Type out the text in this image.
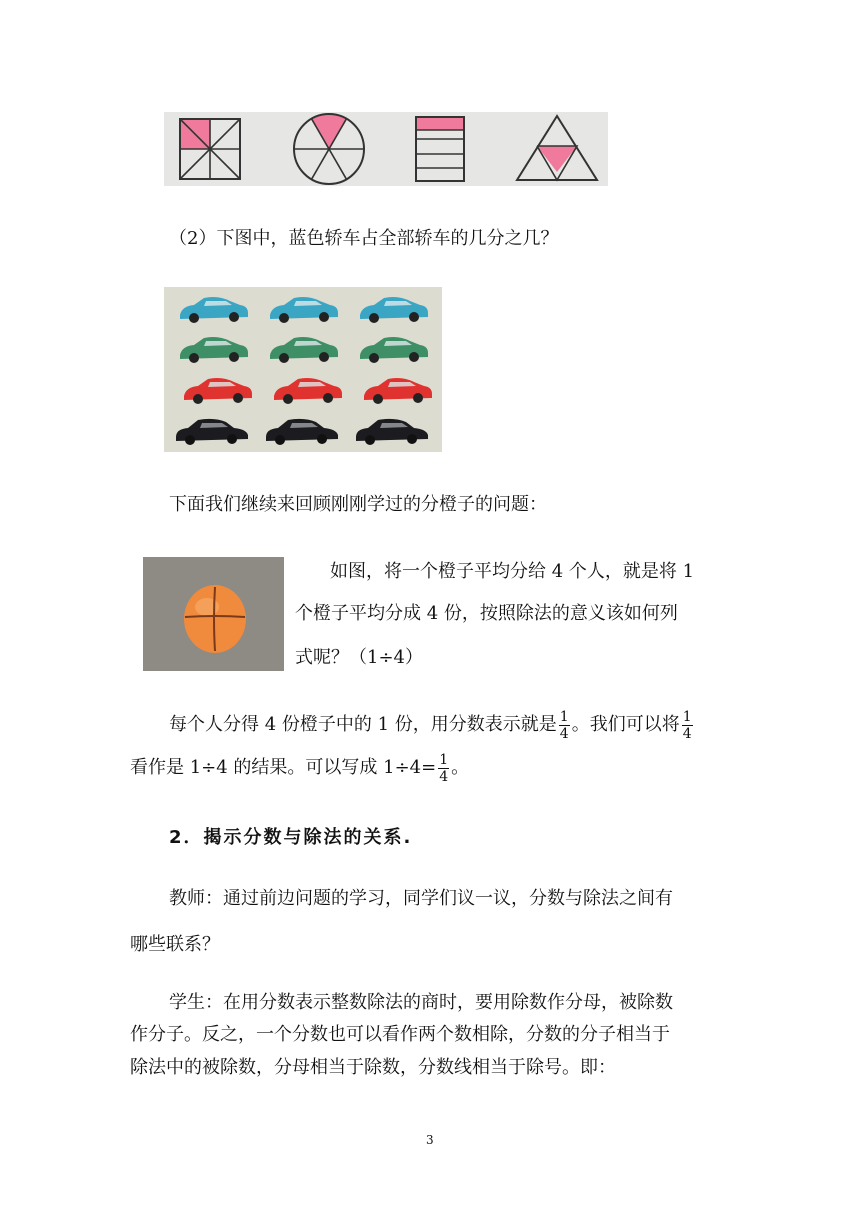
（2）下图中，蓝色轿车占全部轿车的几分之几？
下面我们继续来回顾刚刚学过的分橙子的问题：
如图，将一个橙子平均分给 4 个人，就是将 1
个橙子平均分成 4 份，按照除法的意义该如何列
式呢？（1÷4）
每个人分得 4 份橙子中的 1 份，用分数表示就是 $\frac{1}{4}$ 。我们可以将 $\frac{1}{4}$
看作是 1÷4 的结果。可以写成 $1\div 4= \frac{1}{4}$ 。
2．揭示分数与除法的关系.
教师：通过前边问题的学习，同学们议一议，分数与除法之间有
哪些联系？
学生：在用分数表示整数除法的商时，要用除数作分母，被除数
作分子。反之，一个分数也可以看作两个数相除，分数的分子相当于
除法中的被除数，分母相当于除数，分数线相当于除号。即：
3
